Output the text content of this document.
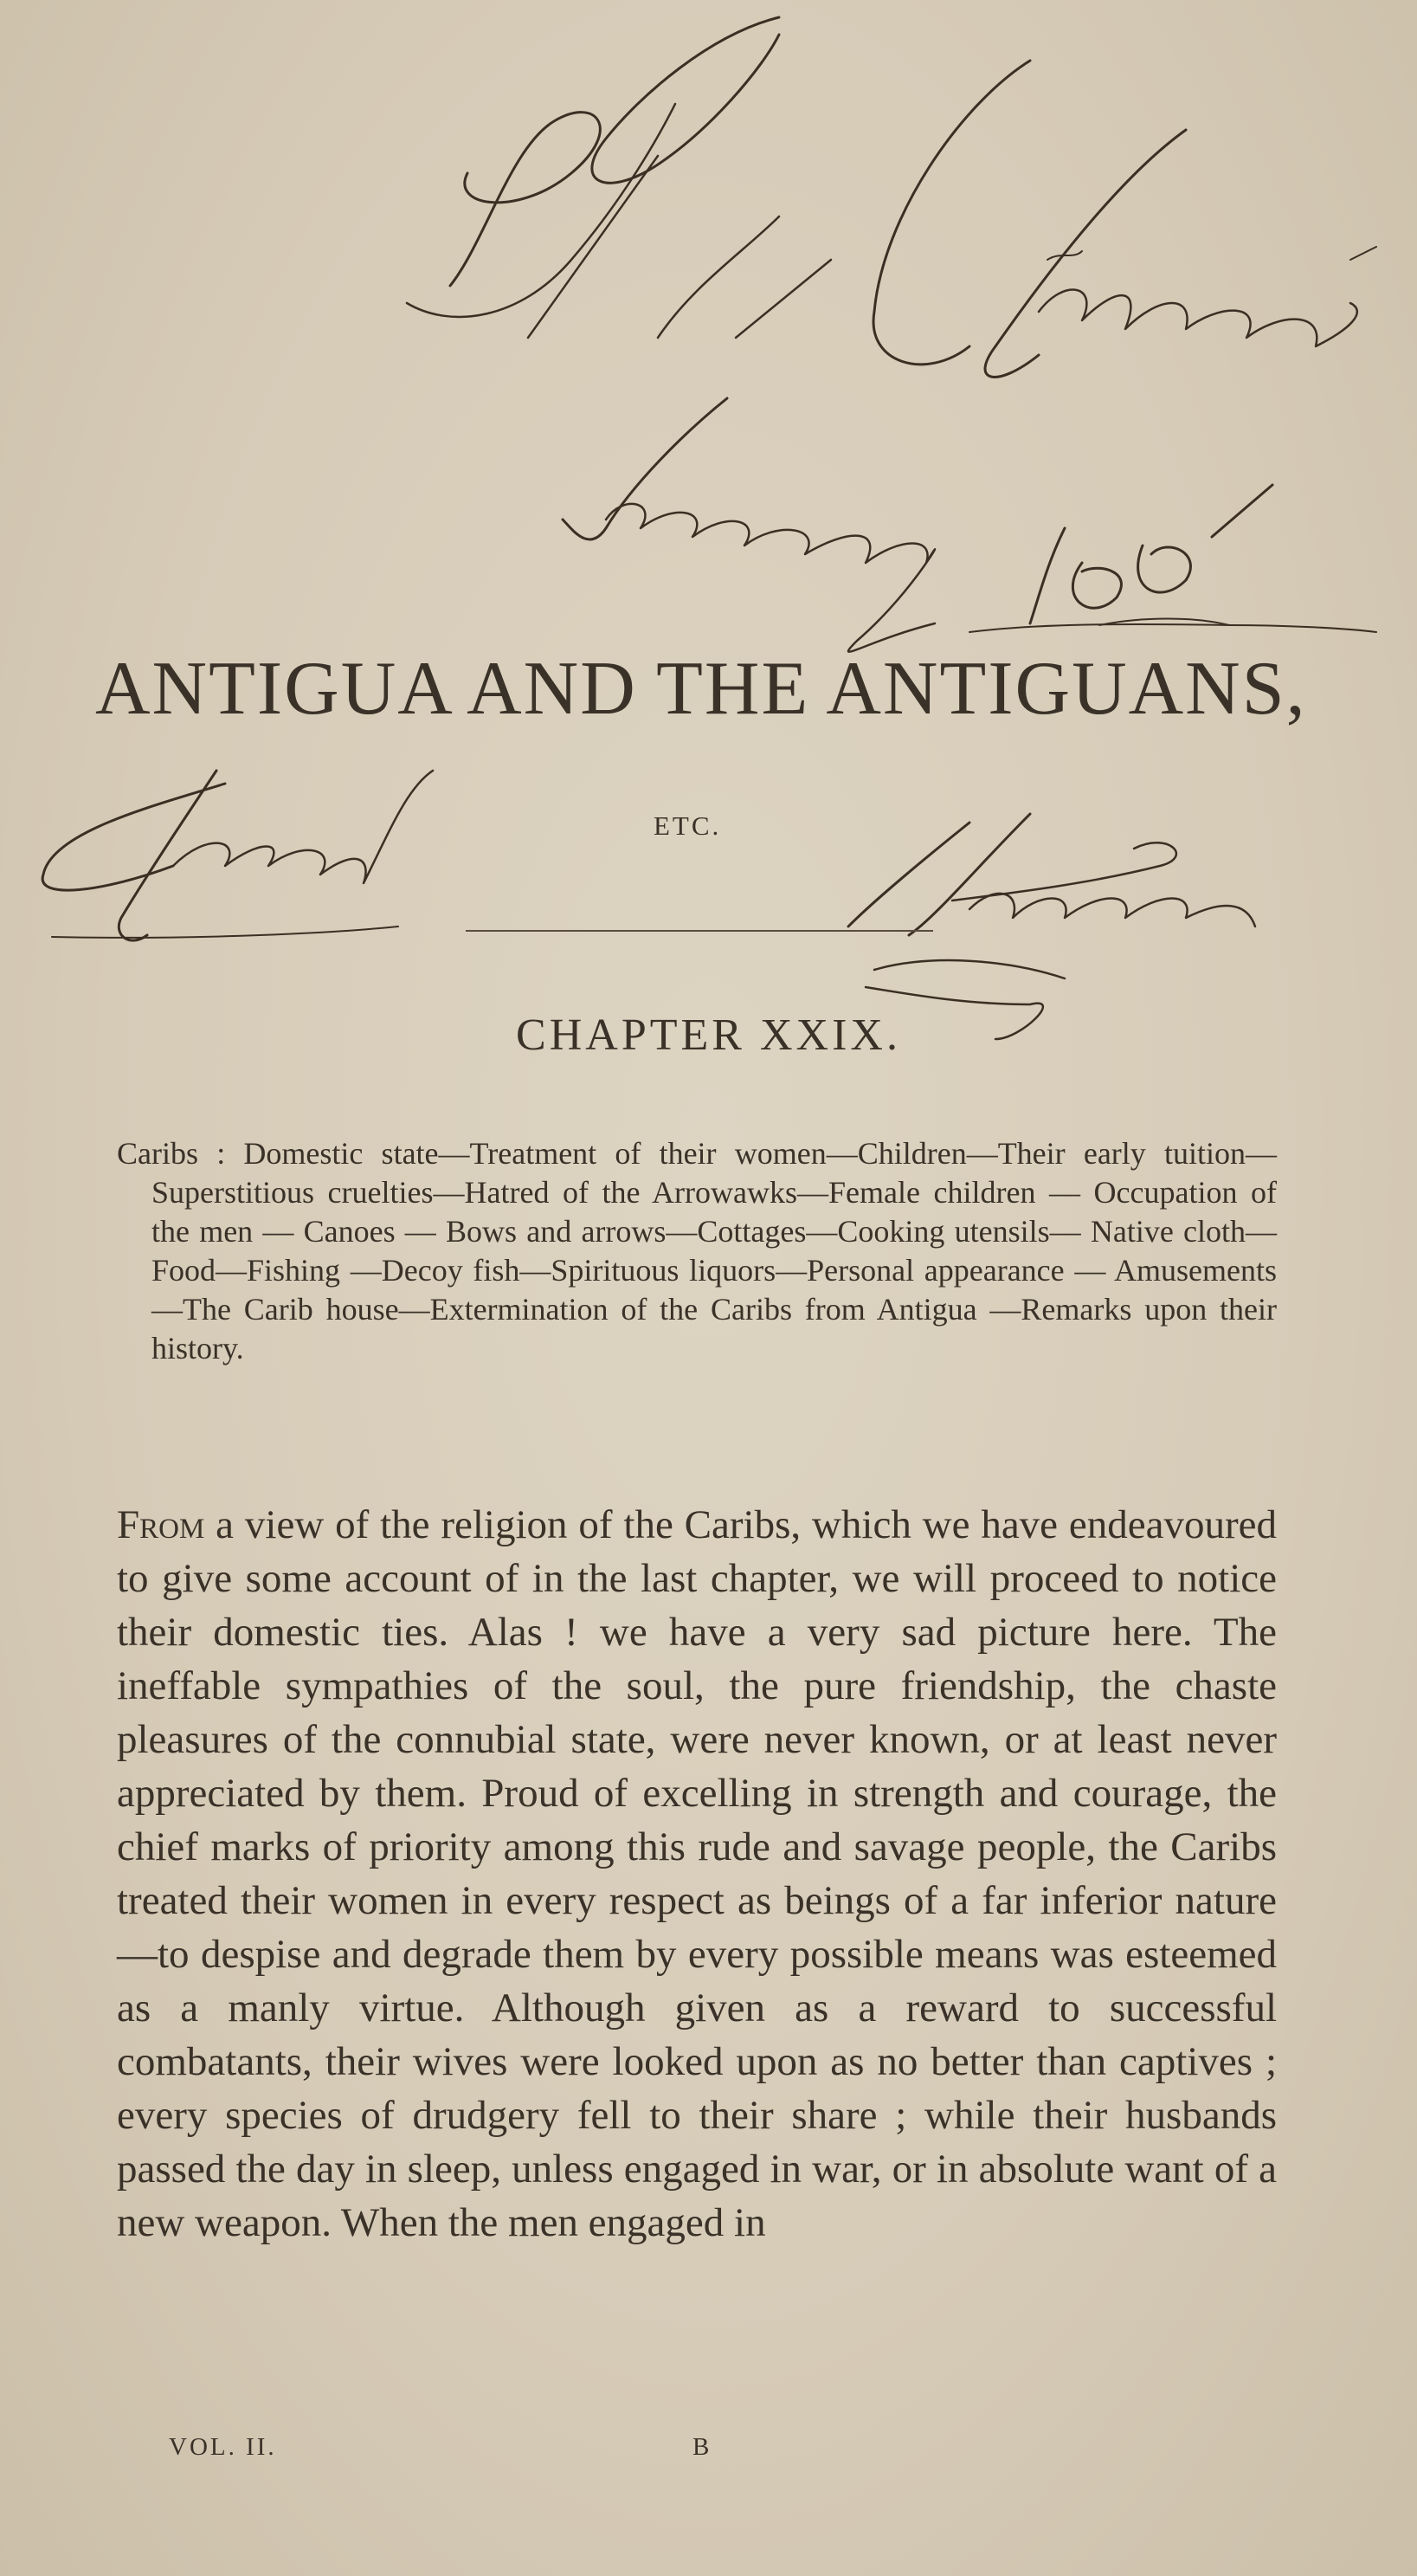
ANTIGUA AND THE ANTIGUANS,
ETC.
CHAPTER XXIX.
Caribs : Domestic state—Treatment of their women—Children—Their early tuition—Superstitious cruelties—Hatred of the Arrowawks—Female children — Occupation of the men — Canoes — Bows and arrows—Cottages—Cooking utensils— Native cloth—Food—Fishing —Decoy fish—Spirituous liquors—Personal appearance — Amusements—The Carib house—Extermination of the Caribs from Antigua —Remarks upon their history.

From a view of the religion of the Caribs, which we have endeavoured to give some account of in the last chapter, we will proceed to notice their domestic ties. Alas ! we have a very sad picture here. The ineffable sympathies of the soul, the pure friendship, the chaste pleasures of the connubial state, were never known, or at least never appreciated by them. Proud of excelling in strength and courage, the chief marks of priority among this rude and savage people, the Caribs treated their women in every respect as beings of a far inferior nature—to despise and degrade them by every possible means was esteemed as a manly virtue. Although given as a reward to successful combatants, their wives were looked upon as no better than captives ; every species of drudgery fell to their share ; while their husbands passed the day in sleep, unless engaged in war, or in absolute want of a new weapon. When the men engaged in

VOL. II.	B
